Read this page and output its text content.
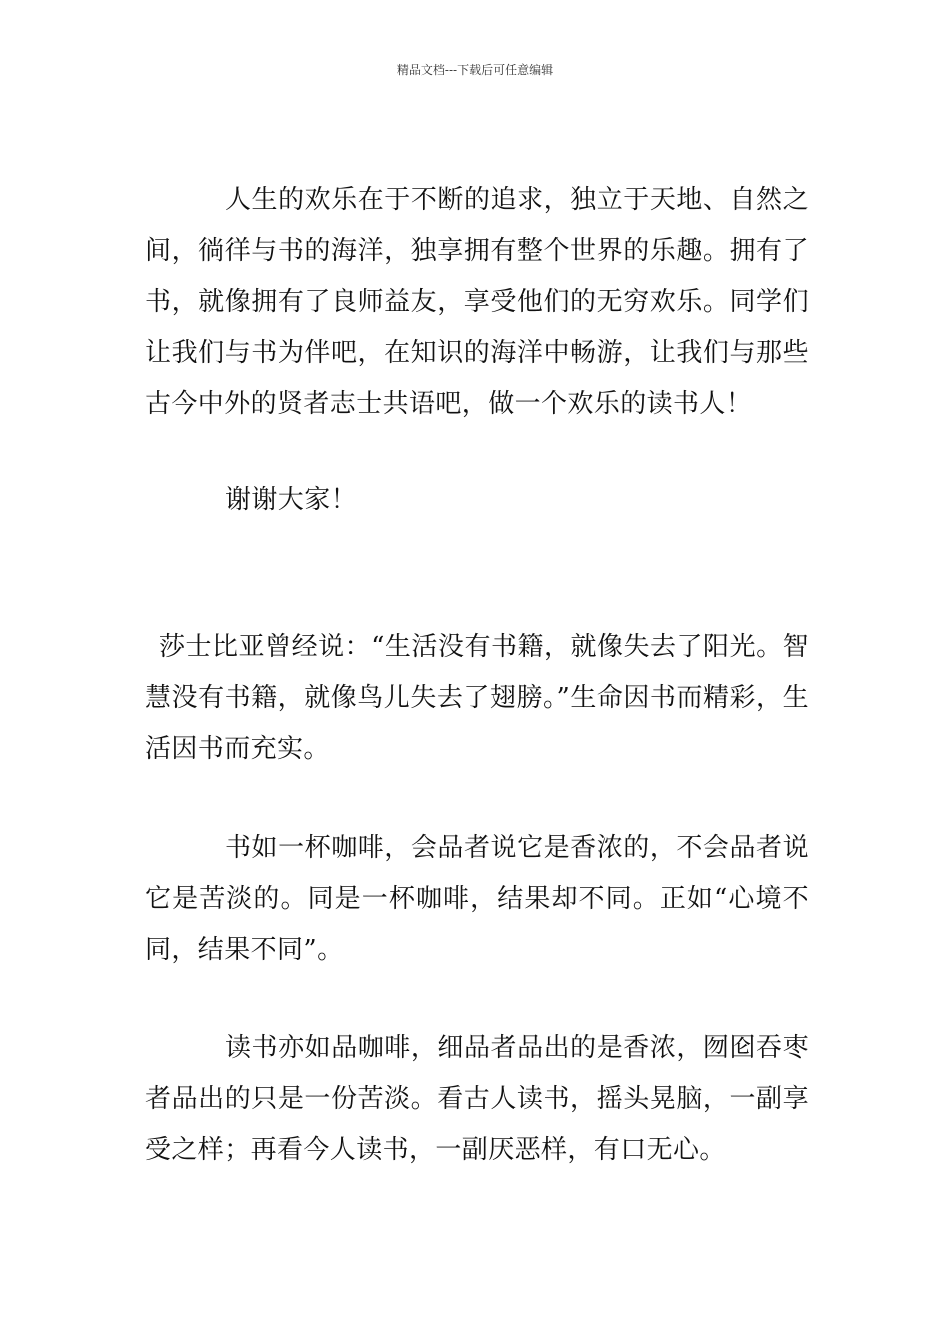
精品文档---下载后可任意编辑

人生的欢乐在于不断的追求，独立于天地、自然之间，徜徉与书的海洋，独享拥有整个世界的乐趣。拥有了书，就像拥有了良师益友，享受他们的无穷欢乐。同学们让我们与书为伴吧，在知识的海洋中畅游，让我们与那些古今中外的贤者志士共语吧，做一个欢乐的读书人！

谢谢大家！

莎士比亚曾经说：“生活没有书籍，就像失去了阳光。智慧没有书籍，就像鸟儿失去了翅膀。”生命因书而精彩，生活因书而充实。

书如一杯咖啡，会品者说它是香浓的，不会品者说它是苦淡的。同是一杯咖啡，结果却不同。正如“心境不同，结果不同”。

读书亦如品咖啡，细品者品出的是香浓，囫囵吞枣者品出的只是一份苦淡。看古人读书，摇头晃脑，一副享受之样；再看今人读书，一副厌恶样，有口无心。
